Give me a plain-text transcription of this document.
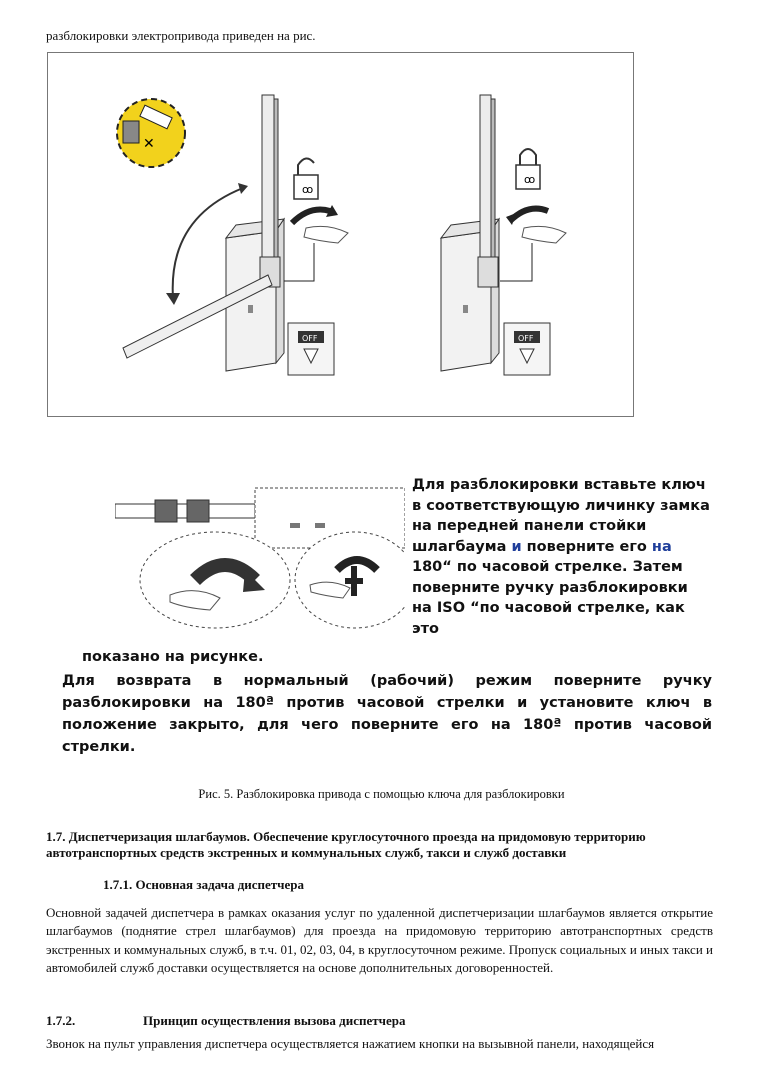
разблокировки электропривода приведен на рис.
✕
ꝏ
OFF
ꝏ
OFF
Для разблокировки вставьте ключ в соответствующую личинку замка на передней панели стойки шлагбаума и поверните его на 180“ по часовой стрелке. Затем поверните ручку разблокировки на ISO “по часовой стрелке, как это
показано на рисунке.
Для возврата в нормальный (рабочий) режим поверните ручку разблокировки на 180ª против часовой стрелки и установите ключ в положение закрыто, для чего поверните его на 180ª против часовой стрелки.
Рис. 5. Разблокировка привода с помощью ключа для разблокировки
1.7. Диспетчеризация шлагбаумов. Обеспечение круглосуточного проезда на придомовую территорию автотранспортных средств экстренных и коммунальных служб, такси и служб доставки
1.7.1. Основная задача диспетчера
Основной задачей диспетчера в рамках оказания услуг по удаленной диспетчеризации шлагбаумов является открытие шлагбаумов (поднятие стрел шлагбаумов) для проезда на придомовую территорию автотранспортных средств экстренных и коммунальных служб, в т.ч. 01, 02, 03, 04, в круглосуточном режиме. Пропуск социальных и иных такси и автомобилей служб доставки осуществляется на основе дополнительных договоренностей.
1.7.2.	Принцип осуществления вызова диспетчера
Звонок на пульт управления диспетчера осуществляется нажатием кнопки на вызывной панели, находящейся
